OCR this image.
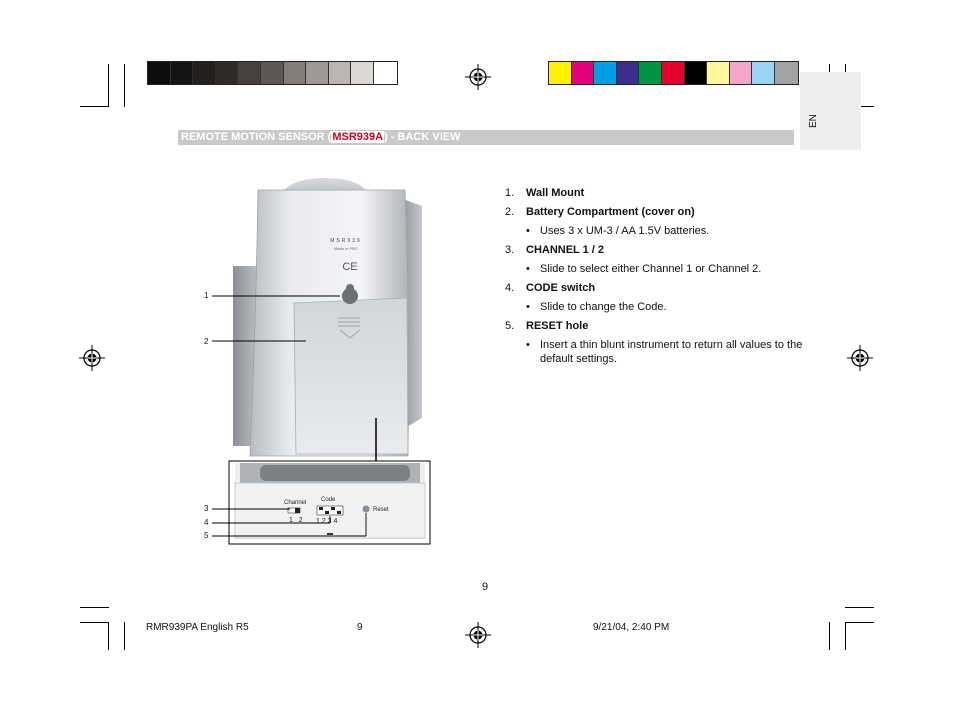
EN
REMOTE MOTION SENSOR (MSR939A) - BACK VIEW
MSR939
Made in PRC
CE
Channel
1   2
Code
1 2 3 4
Reset
1
2
3
4
5
1.	Wall Mount
2.	Battery Compartment (cover on)
• Uses 3 x UM-3 / AA 1.5V batteries.
3.	CHANNEL 1 / 2
• Slide to select either Channel 1 or Channel 2.
4.	CODE switch
• Slide to change the Code.
5.	RESET hole
• Insert a thin blunt instrument to return all values to the default settings.
9
RMR939PA English R5	9	9/21/04, 2:40 PM
